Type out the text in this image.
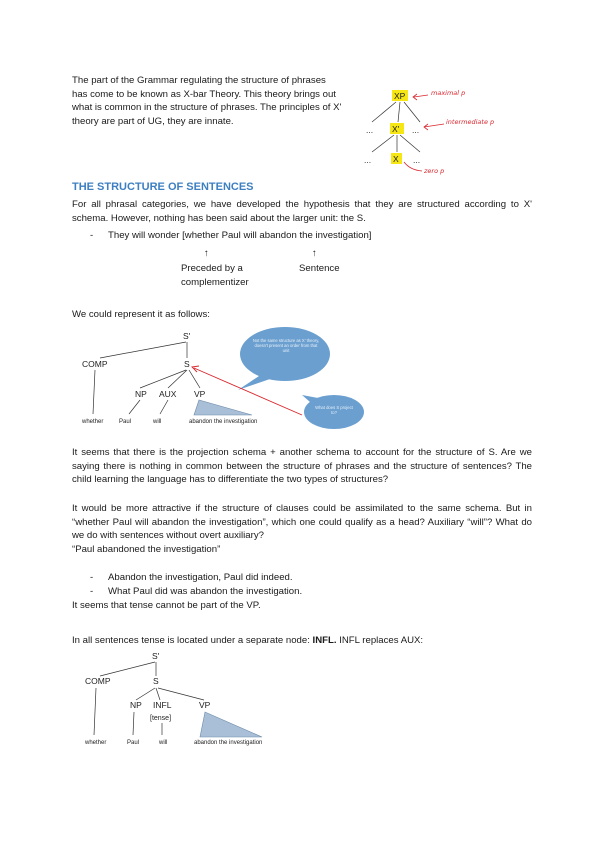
The part of the Grammar regulating the structure of phrases has come to be known as X-bar Theory. This theory brings out what is common in the structure of phrases. The principles of X' theory are part of UG, they are innate.
THE STRUCTURE OF SENTENCES
For all phrasal categories, we have developed the hypothesis that they are structured according to X' schema. However, nothing has been said about the larger unit: the S.
- They will wonder [whether Paul will abandon the investigation]
↑	↑
Preceded by a
complementizer
Sentence
We could represent it as follows:
It seems that there is the projection schema + another schema to account for the structure of S. Are we saying there is nothing in common between the structure of phrases and the structure of sentences? The child learning the language has to differentiate the two types of structures?
It would be more attractive if the structure of clauses could be assimilated to the same schema. But in “whether Paul will abandon the investigation”, which one could qualify as a head? Auxiliary “will”? What do we do with sentences without overt auxiliary?
“Paul abandoned the investigation”
- Abandon the investigation, Paul did indeed.
- What Paul did was abandon the investigation.
It seems that tense cannot be part of the VP.
In all sentences tense is located under a separate node: INFL. INFL replaces AUX:
XP
... X' ...
...	X ...
maximal p
intermediate p
zero p
S'
COMP	S
NP AUX VP
whether	Paul	will	abandon the investigation
Not the same structure as X' theory, doesn't present an order from that unit
What does S project to?
S'
COMP	S
NP INFL	VP
[tense]
whether	Paul	will	abandon the investigation
